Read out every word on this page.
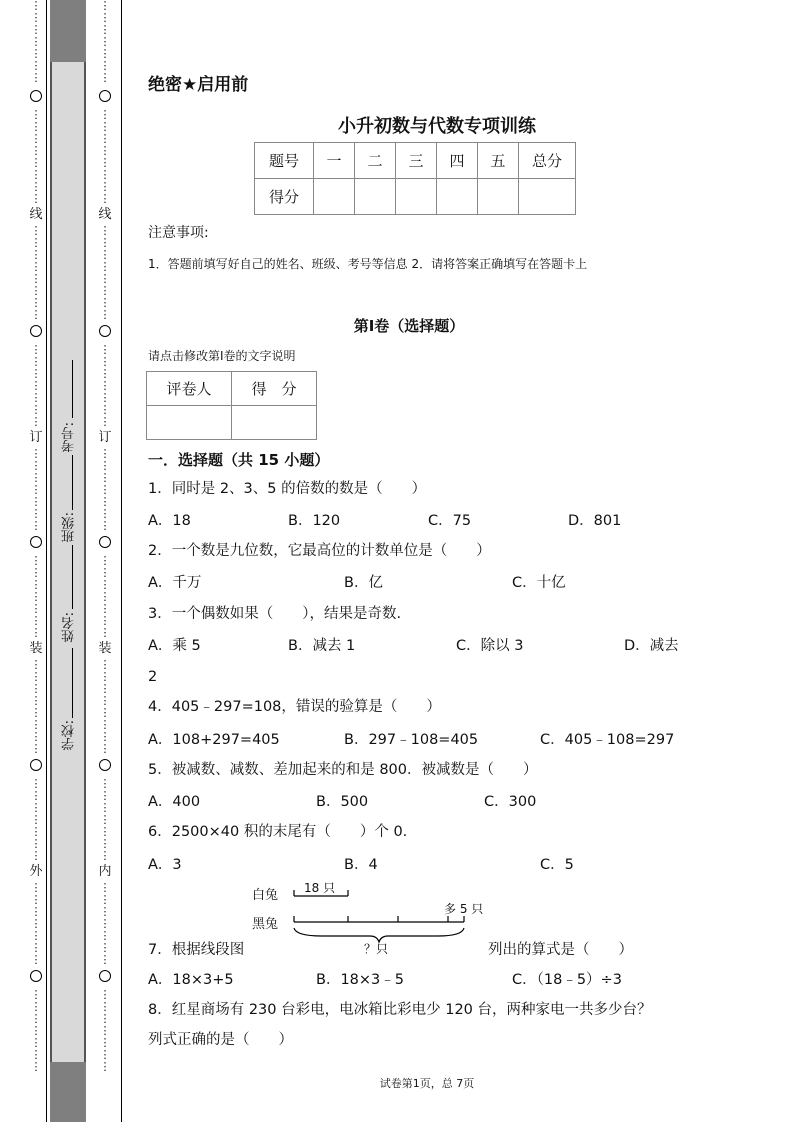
⋮
⋮
⋮
⋮
⋮
⋮
⋮
⋮
⋮
⋮
⋮
⋮
⋮
⋮
⋮
线
⋮
⋮
⋮
⋮
⋮
⋮
⋮
⋮
⋮
⋮
⋮
⋮
⋮
⋮
⋮
订
⋮
⋮
⋮
⋮
⋮
⋮
⋮
⋮
⋮
⋮
⋮
⋮
⋮
⋮
装
⋮
⋮
⋮
⋮
⋮
⋮
⋮
⋮
⋮
⋮
⋮
⋮
⋮
⋮
⋮
外
⋮
⋮
⋮
⋮
⋮
⋮
⋮
⋮
⋮
⋮
⋮
⋮
⋮
⋮
⋮
⋮
⋮
⋮
⋮
⋮
⋮
⋮
⋮
⋮
⋮
⋮
⋮
⋮
⋮
线
⋮
⋮
⋮
⋮
⋮
⋮
⋮
⋮
⋮
⋮
⋮
⋮
⋮
⋮
⋮
订
⋮
⋮
⋮
⋮
⋮
⋮
⋮
⋮
⋮
⋮
⋮
⋮
⋮
⋮
装
⋮
⋮
⋮
⋮
⋮
⋮
⋮
⋮
⋮
⋮
⋮
⋮
⋮
⋮
⋮
内
⋮
⋮
⋮
⋮
⋮
⋮
⋮
⋮
⋮
⋮
⋮
⋮
⋮
⋮
学校:
姓名:
班级:
考号:
绝密★启用前
小升初数与代数专项训练
题号	一	二	三	四	五	总分
得分						
注意事项:
1．答题前填写好自己的姓名、班级、考号等信息 2．请将答案正确填写在答题卡上
第Ⅰ卷（选择题）
请点击修改第Ⅰ卷的文字说明
评卷人	得　分

一．选择题（共 15 小题）
1．同时是 2、3、5 的倍数的数是（　　）
A．18	B．120	C．75	D．801
2．一个数是九位数，它最高位的计数单位是（　　）
A．千万	B．亿	C．十亿
3．一个偶数如果（　　），结果是奇数.
A．乘 5	B．减去 1	C．除以 3	D．减去
2
4．405﹣297=108，错误的验算是（　　）
A．108+297=405	B．297﹣108=405	C．405﹣108=297
5．被减数、减数、差加起来的和是 800．被减数是（　　）
A．400	B．500	C．300
6．2500×40 积的末尾有（　　）个 0.
A．3	B．4	C．5
白兔
黑兔
18 只
多 5 只
？只
7．根据线段图	列出的算式是（　　）
A．18×3+5	B．18×3﹣5	C．（18﹣5）÷3
8．红星商场有 230 台彩电，电冰箱比彩电少 120 台，两种家电一共多少台？
列式正确的是（　　）
试卷第1页，总 7页
